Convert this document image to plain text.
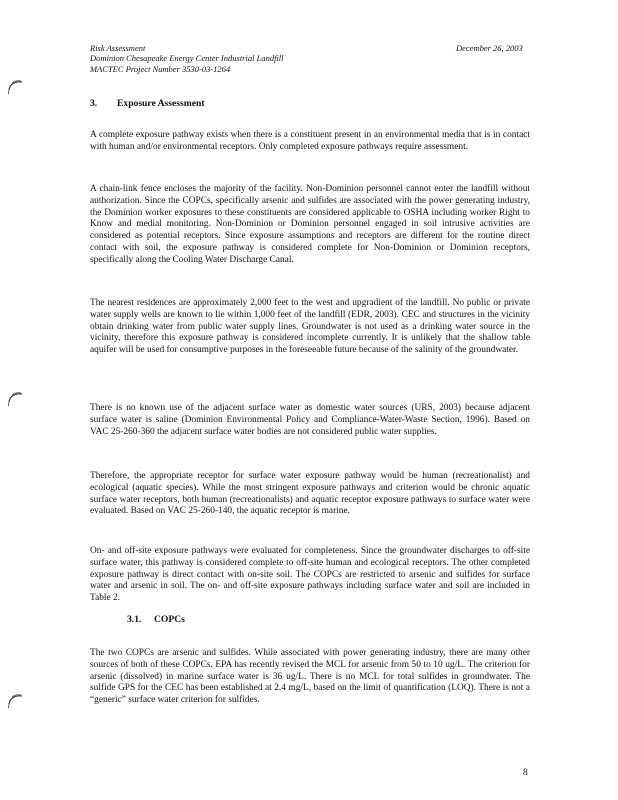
Risk Assessment
Dominion Chesapeake Energy Center Industrial Landfill
MACTEC Project Number 3530-03-1264
December 26, 2003
3. Exposure Assessment

A complete exposure pathway exists when there is a constituent present in an environmental media that is in contact with human and/or environmental receptors. Only completed exposure pathways require assessment.

A chain-link fence encloses the majority of the facility. Non-Dominion personnel cannot enter the landfill without authorization. Since the COPCs, specifically arsenic and sulfides are associated with the power generating industry, the Dominion worker exposures to these constituents are considered applicable to OSHA including worker Right to Know and medial monitoring. Non-Dominion or Dominion personnel engaged in soil intrusive activities are considered as potential receptors. Since exposure assumptions and receptors are different for the routine direct contact with soil, the exposure pathway is considered complete for Non-Dominion or Dominion receptors, specifically along the Cooling Water Discharge Canal.

The nearest residences are approximately 2,000 feet to the west and upgradient of the landfill. No public or private water supply wells are known to lie within 1,000 feet of the landfill (EDR, 2003). CEC and structures in the vicinity obtain drinking water from public water supply lines. Groundwater is not used as a drinking water source in the vicinity, therefore this exposure pathway is considered incomplete currently. It is unlikely that the shallow table aquifer will be used for consumptive purposes in the foreseeable future because of the salinity of the groundwater.

There is no known use of the adjacent surface water as domestic water sources (URS, 2003) because adjacent surface water is saline (Dominion Environmental Policy and Compliance-Water-Waste Section, 1996). Based on VAC 25-260-360 the adjacent surface water bodies are not considered public water supplies.

Therefore, the appropriate receptor for surface water exposure pathway would be human (recreationalist) and ecological (aquatic species). While the most stringent exposure pathways and criterion would be chronic aquatic surface water receptors, both human (recreationalists) and aquatic receptor exposure pathways to surface water were evaluated. Based on VAC 25-260-140, the aquatic receptor is marine.

On- and off-site exposure pathways were evaluated for completeness. Since the groundwater discharges to off-site surface water, this pathway is considered complete to off-site human and ecological receptors. The other completed exposure pathway is direct contact with on-site soil. The COPCs are restricted to arsenic and sulfides for surface water and arsenic in soil. The on- and off-site exposure pathways including surface water and soil are included in Table 2.

3.1. COPCs

The two COPCs are arsenic and sulfides. While associated with power generating industry, there are many other sources of both of these COPCs. EPA has recently revised the MCL for arsenic from 50 to 10 ug/L. The criterion for arsenic (dissolved) in marine surface water is 36 ug/L. There is no MCL for total sulfides in groundwater. The sulfide GPS for the CEC has been established at 2.4 mg/L, based on the limit of quantification (LOQ). There is not a “generic” surface water criterion for sulfides.

8
